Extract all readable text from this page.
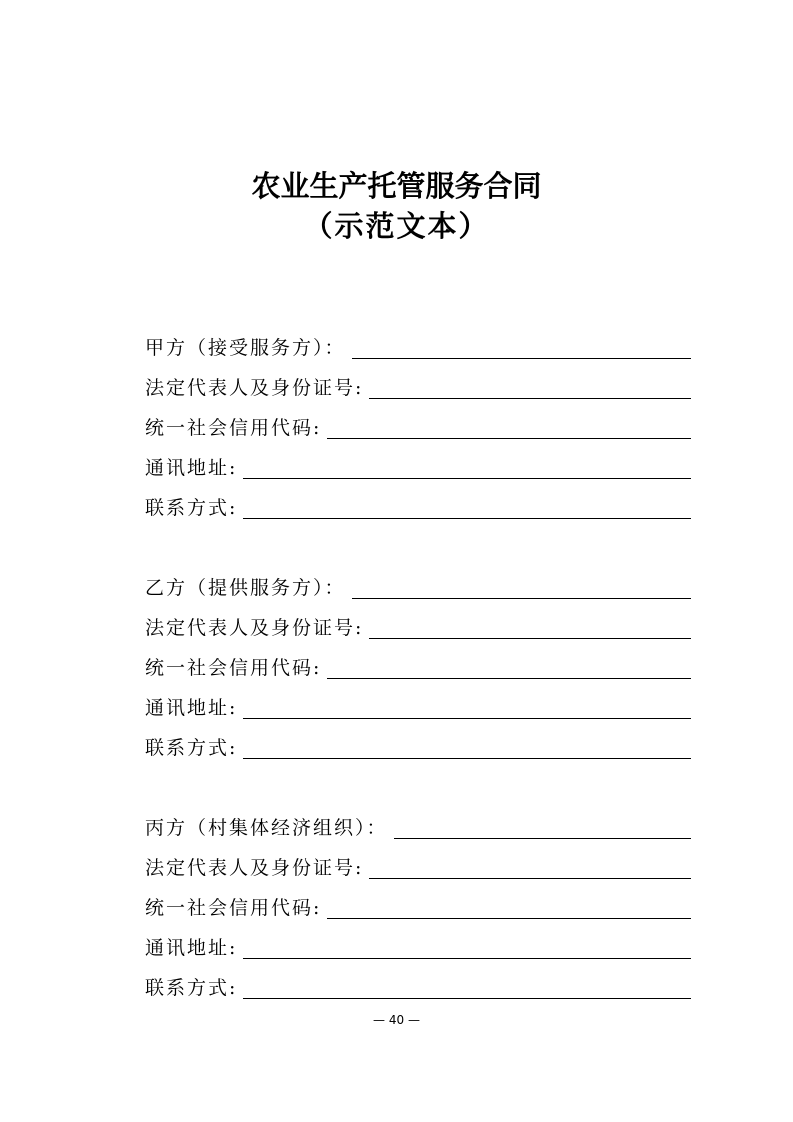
农业生产托管服务合同
（示范文本）
甲方（接受服务方）：
法定代表人及身份证号:
统一社会信用代码:
通讯地址:
联系方式:
乙方（提供服务方）：
法定代表人及身份证号:
统一社会信用代码:
通讯地址:
联系方式:
丙方（村集体经济组织）：
法定代表人及身份证号:
统一社会信用代码:
通讯地址:
联系方式:
— 40 —
